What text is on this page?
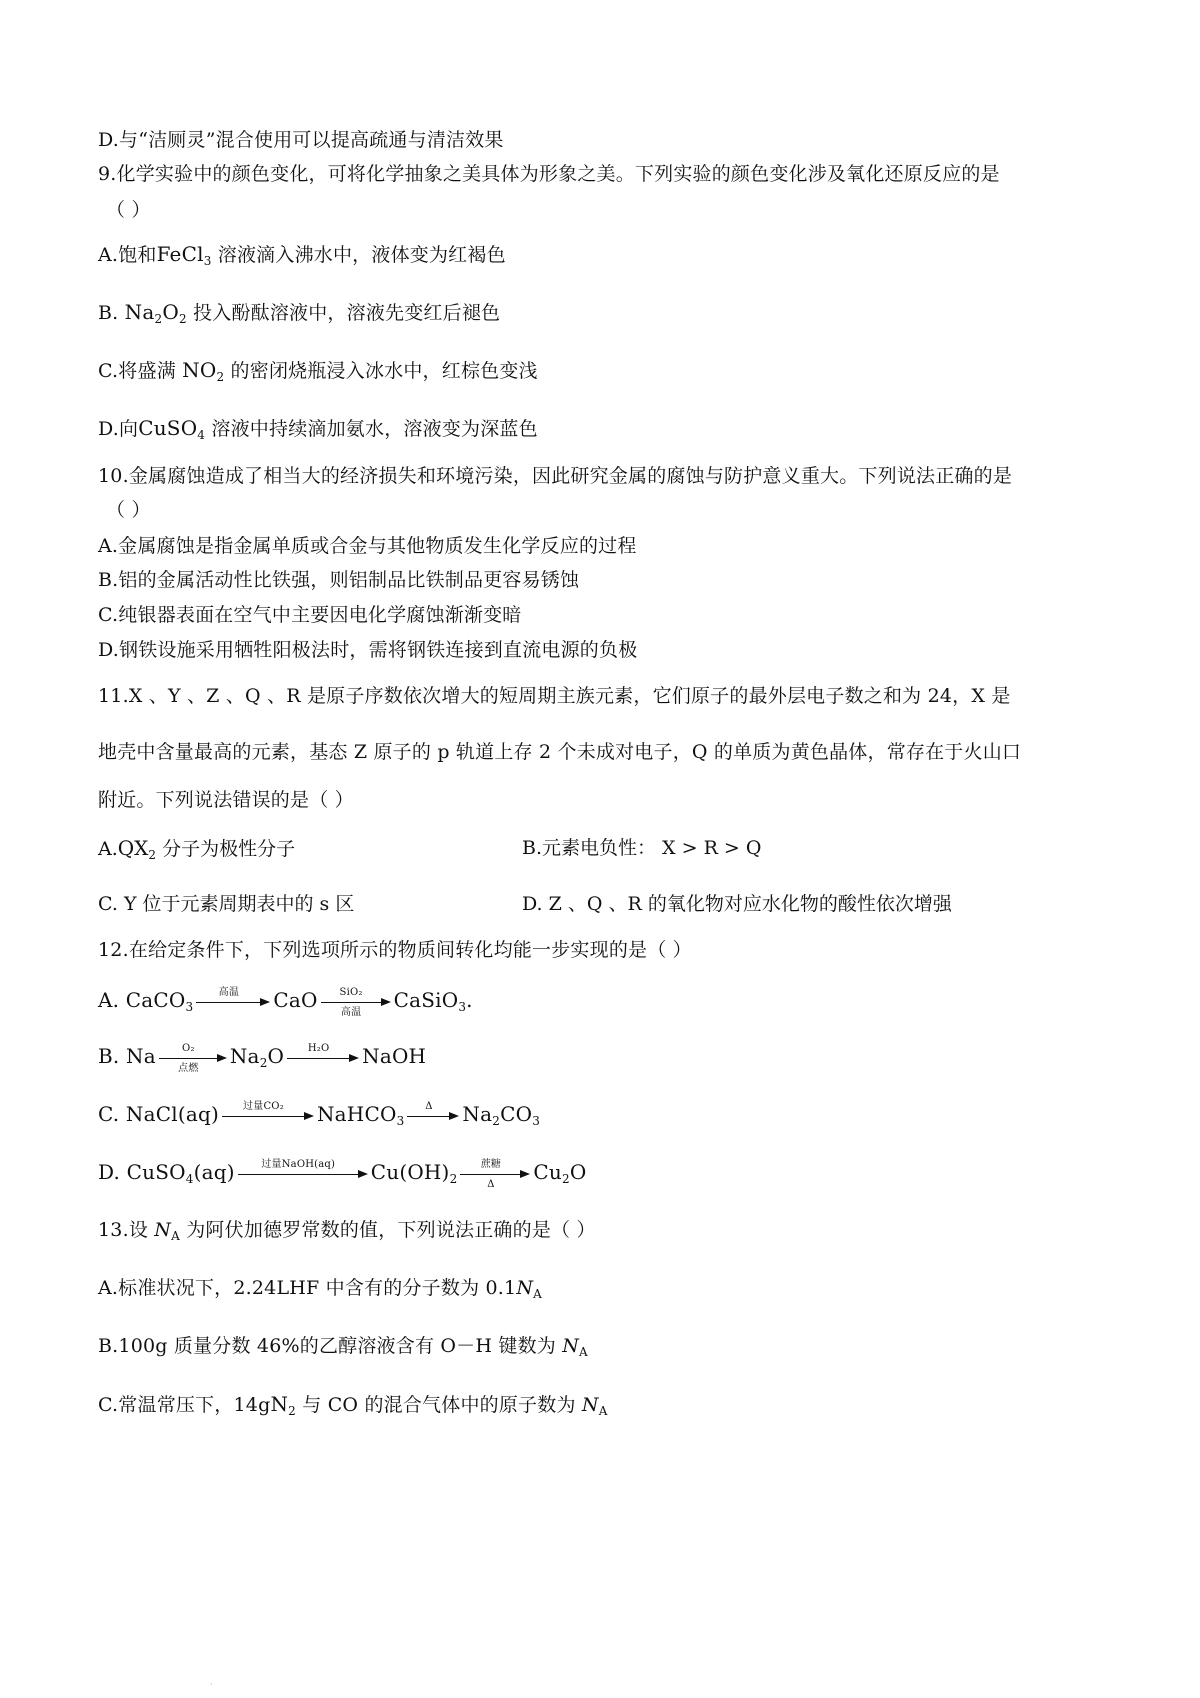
D.与“洁厕灵”混合使用可以提高疏通与清洁效果
9.化学实验中的颜色变化，可将化学抽象之美具体为形象之美。下列实验的颜色变化涉及氧化还原反应的是
（ ）
A.饱和FeCl$_3$ 溶液滴入沸水中，液体变为红褐色
B. $Na_2O_2$ 投入酚酞溶液中，溶液先变红后褪色
C.将盛满 $NO_2$ 的密闭烧瓶浸入冰水中，红棕色变浅
D.向CuSO$_4$ 溶液中持续滴加氨水，溶液变为深蓝色
10.金属腐蚀造成了相当大的经济损失和环境污染，因此研究金属的腐蚀与防护意义重大。下列说法正确的是
（ ）
A.金属腐蚀是指金属单质或合金与其他物质发生化学反应的过程
B.铝的金属活动性比铁强，则铝制品比铁制品更容易锈蚀
C.纯银器表面在空气中主要因电化学腐蚀渐渐变暗
D.钢铁设施采用牺牲阳极法时，需将钢铁连接到直流电源的负极
11.X 、Y 、Z 、Q 、R 是原子序数依次增大的短周期主族元素，它们原子的最外层电子数之和为 24，X 是
地壳中含量最高的元素，基态 Z 原子的 p 轨道上存 2 个未成对电子，Q 的单质为黄色晶体，常存在于火山口
附近。下列说法错误的是（ ）
$A.QX_2$ 分子为极性分子	B.元素电负性： X > R > Q
C. Y 位于元素周期表中的 s 区	D. Z 、Q 、R 的氧化物对应水化物的酸性依次增强
12.在给定条件下，下列选项所示的物质间转化均能一步实现的是（ ）
A. CaCO$_3$
高温	CaO	SiO₂
高温	CaSiO$_3$.
B. Na	O₂
点燃	$Na_2O$	H₂O	NaOH
C. NaCl(aq)	过量CO₂	NaHCO$_3$
Δ	$Na_2CO_3$
D. CuSO$_4$(aq)	过量NaOH(aq)	$Cu(OH)_2$
蔗糖
Δ	$Cu_2O$
13.设 $N_A$ 为阿伏加德罗常数的值，下列说法正确的是（ ）
A.标准状况下，2.24LHF 中含有的分子数为 $0.1N_A$
B.100g 质量分数 46%的乙醇溶液含有 O－H 键数为 $N_A$
C.常温常压下，$14gN_2$ 与 CO 的混合气体中的原子数为 $N_A$
·
